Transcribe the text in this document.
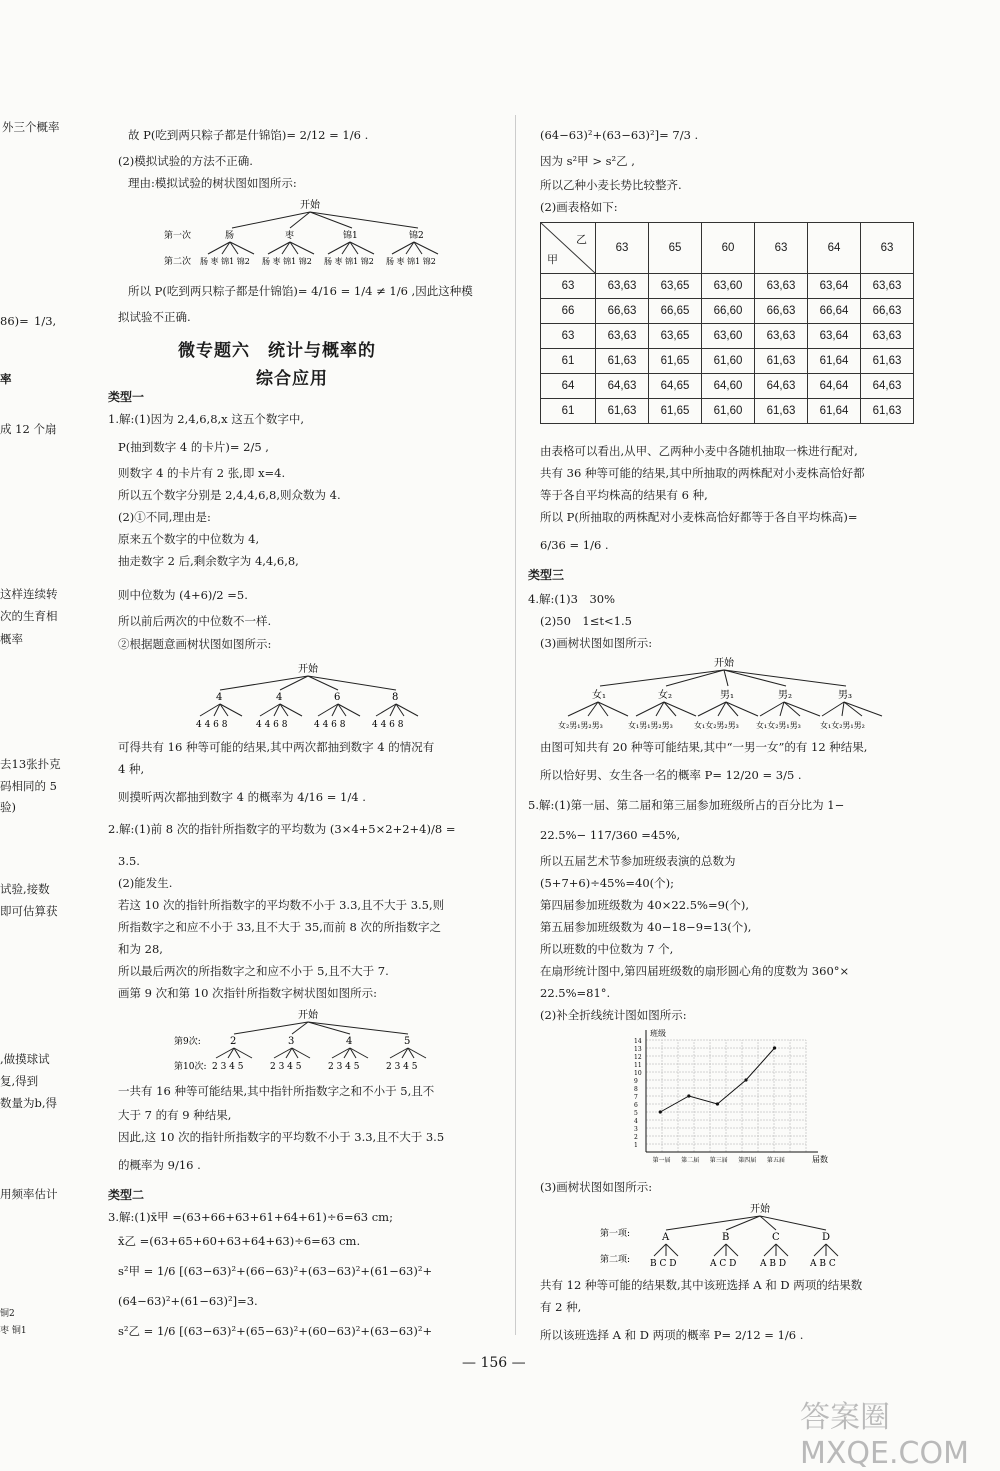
外三个概率
86)= 1/3,
率
成 12 个扇
这样连续转
次的生育相
概率
去13张扑克
码相同的 5
验)
试验,接数
即可估算获
,做摸球试
复,得到
数量为b,得
用频率估计
铜2
枣 铜1
故 P(吃到两只粽子都是什锦馅)= 2/12 = 1/6 .
(2)模拟试验的方法不正确.
理由:模拟试验的树状图如图所示:
开始
第一次	肠	枣	锦1	锦2
第二次 肠 枣 锦1 锦2 肠 枣 锦1 锦2 肠 枣 锦1 锦2 肠 枣 锦1 锦2
所以 P(吃到两只粽子都是什锦馅)= 4/16 = 1/4 ≠ 1/6 ,因此这种模
拟试验不正确.
微专题六　统计与概率的
综合应用
类型一
1.解:(1)因为 2,4,6,8,x 这五个数字中,
P(抽到数字 4 的卡片)= 2/5 ,
则数字 4 的卡片有 2 张,即 x=4.
所以五个数字分别是 2,4,4,6,8,则众数为 4.
(2)①不同,理由是:
原来五个数字的中位数为 4,
抽走数字 2 后,剩余数字为 4,4,6,8,
则中位数为 (4+6)/2 =5.
所以前后两次的中位数不一样.
②根据题意画树状图如图所示:
开始
4	4	6	8
4 4 6 8	4 4 6 8	4 4 6 8	4 4 6 8
可得共有 16 种等可能的结果,其中两次都抽到数字 4 的情况有
4 种,
则摸听两次都抽到数字 4 的概率为 4/16 = 1/4 .
2.解:(1)前 8 次的指针所指数字的平均数为 (3×4+5×2+2+4)/8 =
3.5.
(2)能发生.
若这 10 次的指针所指数字的平均数不小于 3.3,且不大于 3.5,则
所指数字之和应不小于 33,且不大于 35,而前 8 次的所指数字之
和为 28,
所以最后两次的所指数字之和应不小于 5,且不大于 7.
画第 9 次和第 10 次指针所指数字树状图如图所示:
开始
第9次:	2	3	4	5
第10次: 2 3 4 5	2 3 4 5	2 3 4 5	2 3 4 5
一共有 16 种等可能结果,其中指针所指数字之和不小于 5,且不
大于 7 的有 9 种结果,
因此,这 10 次的指针所指数字的平均数不小于 3.3,且不大于 3.5
的概率为 9/16 .
类型二
3.解:(1)x̄甲 =(63+66+63+61+64+61)÷6=63 cm;
x̄乙 =(63+65+60+63+64+63)÷6=63 cm.
s²甲 = 1/6 [(63−63)²+(66−63)²+(63−63)²+(61−63)²+
(64−63)²+(61−63)²]=3.
s²乙 = 1/6 [(63−63)²+(65−63)²+(60−63)²+(63−63)²+
(64−63)²+(63−63)²]= 7/3 .
因为 s²甲 > s²乙 ,
所以乙种小麦长势比较整齐.
(2)画表格如下:
乙
甲	63	65	60	63	64	63
63	63,63	63,65	63,60	63,63	63,64	63,63
66	66,63	66,65	66,60	66,63	66,64	66,63
63	63,63	63,65	63,60	63,63	63,64	63,63
61	61,63	61,65	61,60	61,63	61,64	61,63
64	64,63	64,65	64,60	64,63	64,64	64,63
61	61,63	61,65	61,60	61,63	61,64	61,63
由表格可以看出,从甲、乙两种小麦中各随机抽取一株进行配对,
共有 36 种等可能的结果,其中所抽取的两株配对小麦株高恰好都
等于各自平均株高的结果有 6 种,
所以 P(所抽取的两株配对小麦株高恰好都等于各自平均株高)=
6/36 = 1/6 .
类型三
4.解:(1)3　30%
(2)50　1≤t<1.5
(3)画树状图如图所示:
开始
女₁	女₂	男₁	男₂	男₃
女₂男₁男₂男₃	女₁男₁男₂男₃	女₁女₂男₂男₃ 女₁女₂男₁男₃ 女₁女₂男₁男₂
由图可知共有 20 种等可能结果,其中“一男一女”的有 12 种结果,
所以恰好男、女生各一名的概率 P= 12/20 = 3/5 .
5.解:(1)第一届、第二届和第三届参加班级所占的百分比为 1−
22.5%− 117/360 =45%,
所以五届艺术节参加班级表演的总数为
(5+7+6)÷45%=40(个);
第四届参加班级数为 40×22.5%=9(个),
第五届参加班级数为 40−18−9=13(个),
所以班数的中位数为 7 个,
在扇形统计图中,第四届班级数的扇形圆心角的度数为 360°×
22.5%=81°.
(2)补全折线统计图如图所示:
班级
届数
14
13
12
11
10
9
8
7
6
5
4
3
2
1
第一届 第二届 第三届 第四届 第五届
(3)画树状图如图所示:
开始
第一项:	A	B	C	D
第二项: B C D	A C D	A B D	A B C
共有 12 种等可能的结果数,其中该班选择 A 和 D 两项的结果数
有 2 种,
所以该班选择 A 和 D 两项的概率 P= 2/12 = 1/6 .
— 156 —
答案圈 MXQE.COM
